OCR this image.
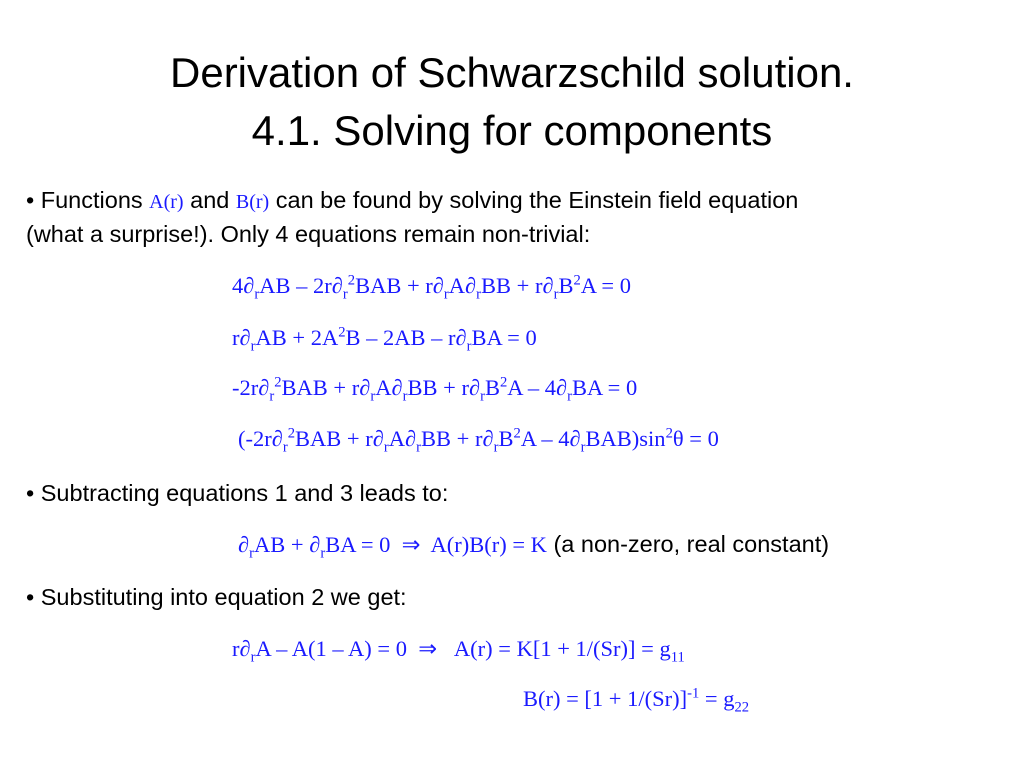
Derivation of Schwarzschild solution.
4.1. Solving for components
• Functions A(r) and B(r) can be found by solving the Einstein field equation
(what a surprise!). Only 4 equations remain non-trivial:
$4\partial_rAB - 2r\partial_r^2BAB + r\partial_rA\partial_rBB + r\partial_rB^2A = 0$
$r\partial_rAB + 2A^2B - 2AB - r\partial_rBA = 0$
$-2r\partial_r^2BAB + r\partial_rA\partial_rBB + r\partial_rB^2A - 4\partial_rBA = 0$
$(-2r\partial_r^2BAB + r\partial_rA\partial_rBB + r\partial_rB^2A - 4\partial_rBAB)\sin^2\theta = 0$
• Subtracting equations 1 and 3 leads to:
$\partial_rAB + \partial_rBA = 0$  ⇒  A(r)B(r) = K (a non-zero, real constant)
• Substituting into equation 2 we get:
$r\partial_rA - A(1 - A) = 0$  ⇒   $A(r) = K[1 + 1/(Sr)] = g_{11}$
$B(r) = [1 + 1/(Sr)]^{-1} = g_{22}$
